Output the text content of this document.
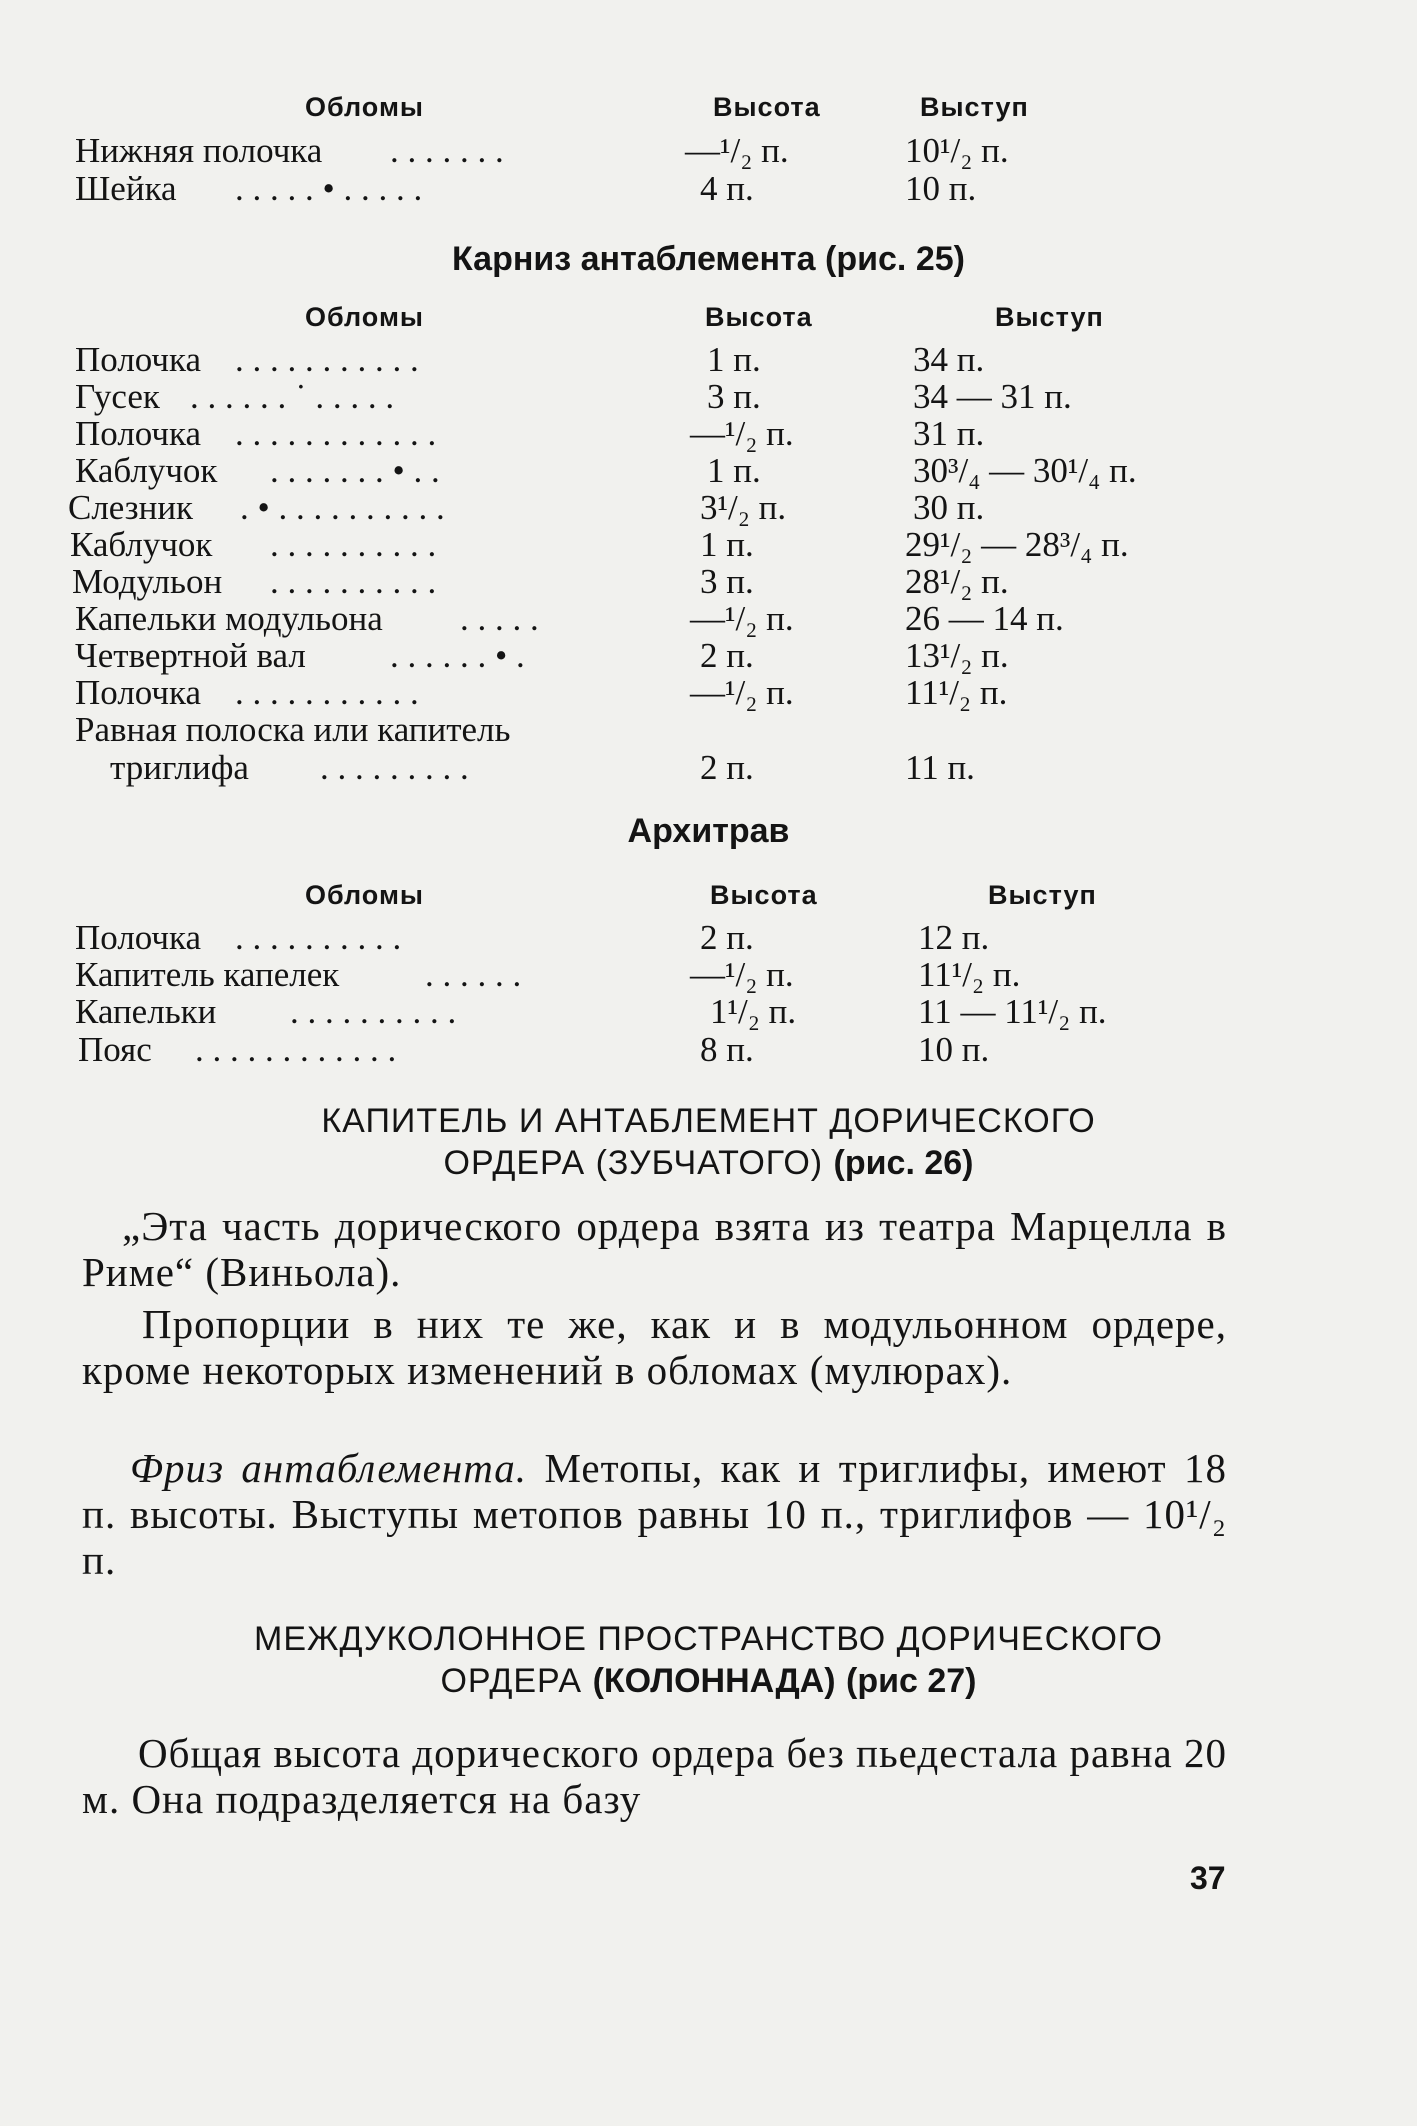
Обломы	Высота	Выступ
Нижняя полочка . . . . . . .	—¹/₂ п.	10¹/₂ п.
Шейка . . . . . • . . . . .	4 п.	10 п.
Карниз антаблемента (рис. 25)
Обломы	Высота	Выступ
Полочка . . . . . . . . . . .	1 п.	34 п.
Гусек . . . . . . ˙ . . . . .	3 п.	34 — 31 п.
Полочка . . . . . . . . . . . .	—¹/₂ п.	31 п.
Каблучок . . . . . . . • . .	1 п.	30³/₄ — 30¹/₄ п.
Слезник . • . . . . . . . . . .	3¹/₂ п.	30 п.
Каблучок . . . . . . . . . .	1 п.	29¹/₂ — 28³/₄ п.
Модульон . . . . . . . . . .	3 п.	28¹/₂ п.
Капельки модульона . . . . .	—¹/₂ п.	26 — 14 п.
Четвертной вал . . . . . . • .	2 п.	13¹/₂ п.
Полочка . . . . . . . . . . .	—¹/₂ п.	11¹/₂ п.
Равная полоска или капитель
триглифа . . . . . . . . .	2 п.	11 п.
Архитрав
Обломы	Высота	Выступ
Полочка . . . . . . . . . .	2 п.	12 п.
Капитель капелек . . . . . .	—¹/₂ п.	11¹/₂ п.
Капельки . . . . . . . . . .	1¹/₂ п.	11 — 11¹/₂ п.
Пояс . . . . . . . . . . . .	8 п.	10 п.
КАПИТЕЛЬ И АНТАБЛЕМЕНТ ДОРИЧЕСКОГО
ОРДЕРА (ЗУБЧАТОГО) (рис. 26)
„Эта часть дорического ордера взята из театра Марцелла в Риме“ (Виньола).
Пропорции в них те же, как и в модульонном ордере, кроме некоторых изменений в обломах (мулюрах).
Фриз антаблемента. Метопы, как и триглифы, имеют 18 п. высоты. Выступы метопов равны 10 п., триглифов — 10¹/₂ п.
МЕЖДУКОЛОННОЕ ПРОСТРАНСТВО ДОРИЧЕСКОГО
ОРДЕРА (КОЛОННАДА) (рис 27)
Общая высота дорического ордера без пьедестала равна 20 м. Она подразделяется на базу
37
